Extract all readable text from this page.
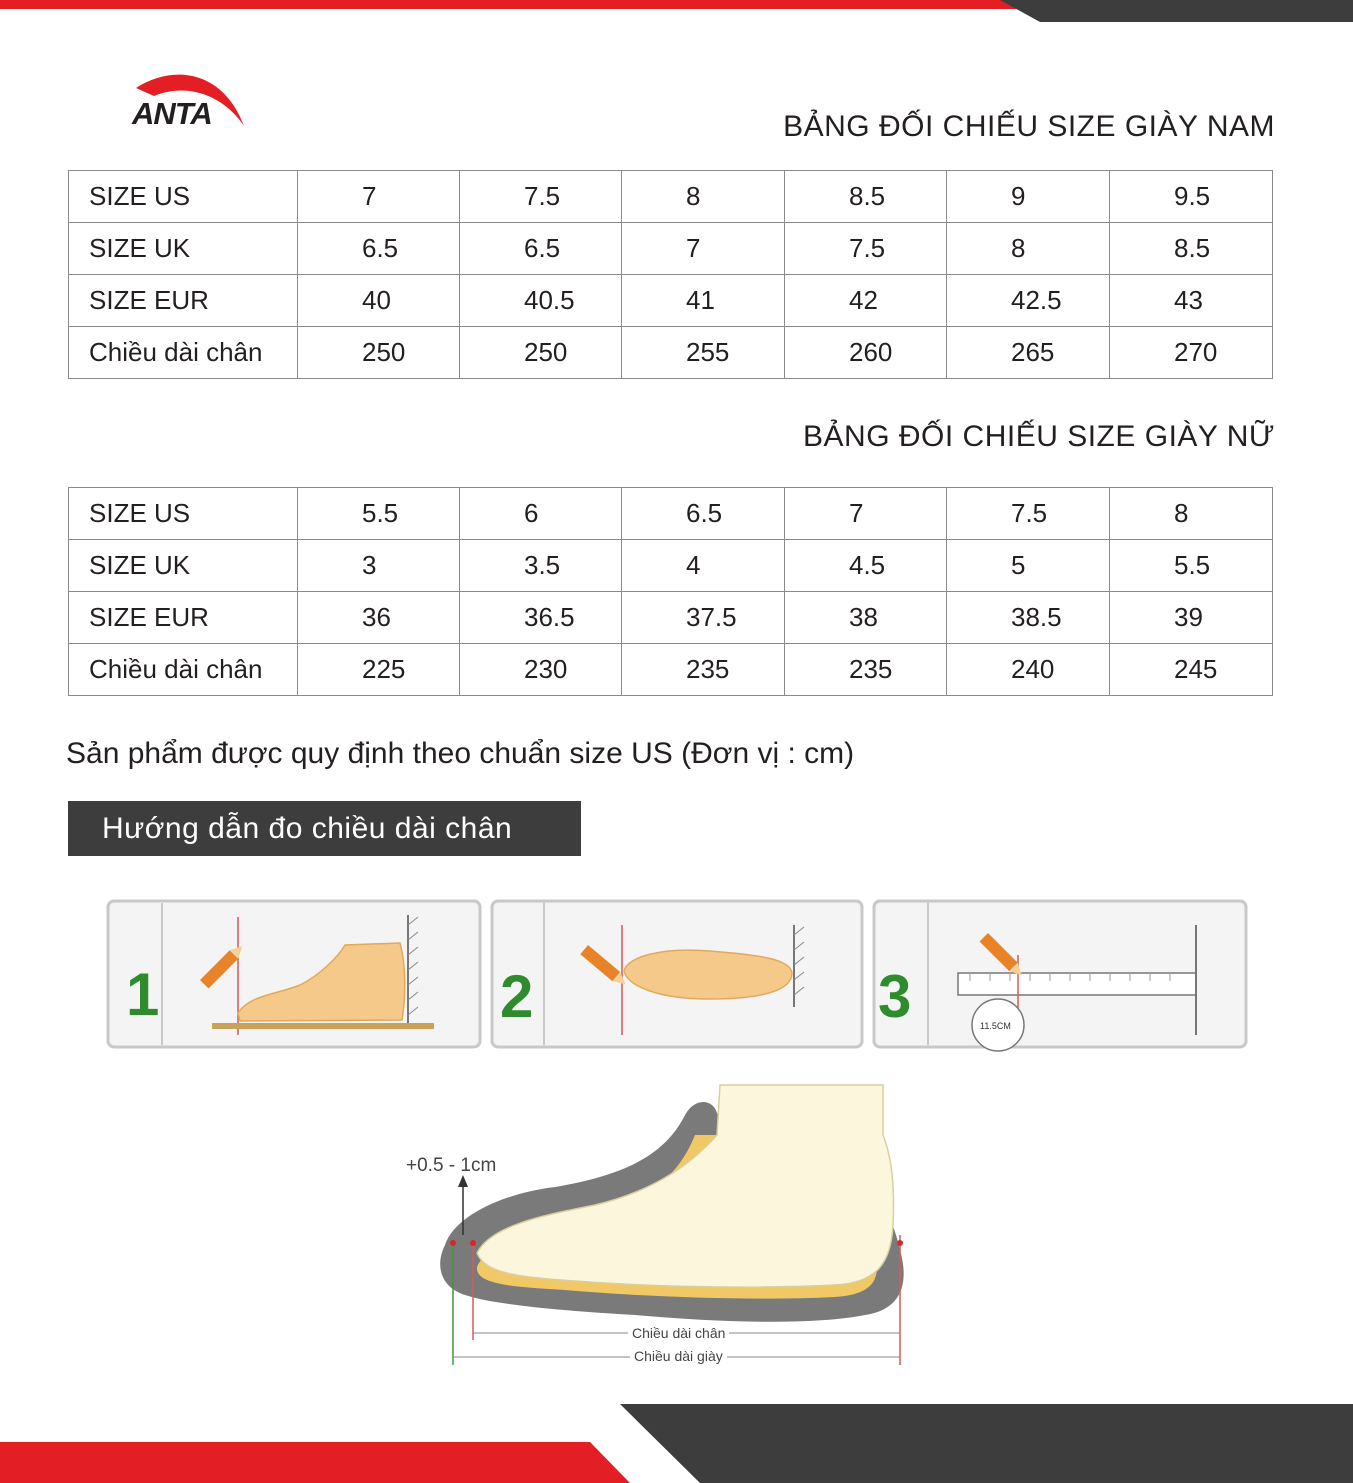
ANTA	BẢNG ĐỐI CHIẾU SIZE GIÀY NAM
SIZE US	7	7.5	8	8.5	9	9.5
SIZE UK	6.5	6.5	7	7.5	8	8.5
SIZE EUR	40	40.5	41	42	42.5	43
Chiều dài chân	250	250	255	260	265	270
BẢNG ĐỐI CHIẾU SIZE GIÀY NỮ
SIZE US	5.5	6	6.5	7	7.5	8
SIZE UK	3	3.5	4	4.5	5	5.5
SIZE EUR	36	36.5	37.5	38	38.5	39
Chiều dài chân	225	230	235	235	240	245
Sản phẩm được quy định theo chuẩn size US (Đơn vị : cm)
Hướng dẫn đo chiều dài chân
1	2	11.5CM
3
+0.5 - 1cm
Chiều dài chân
Chiều dài giày
